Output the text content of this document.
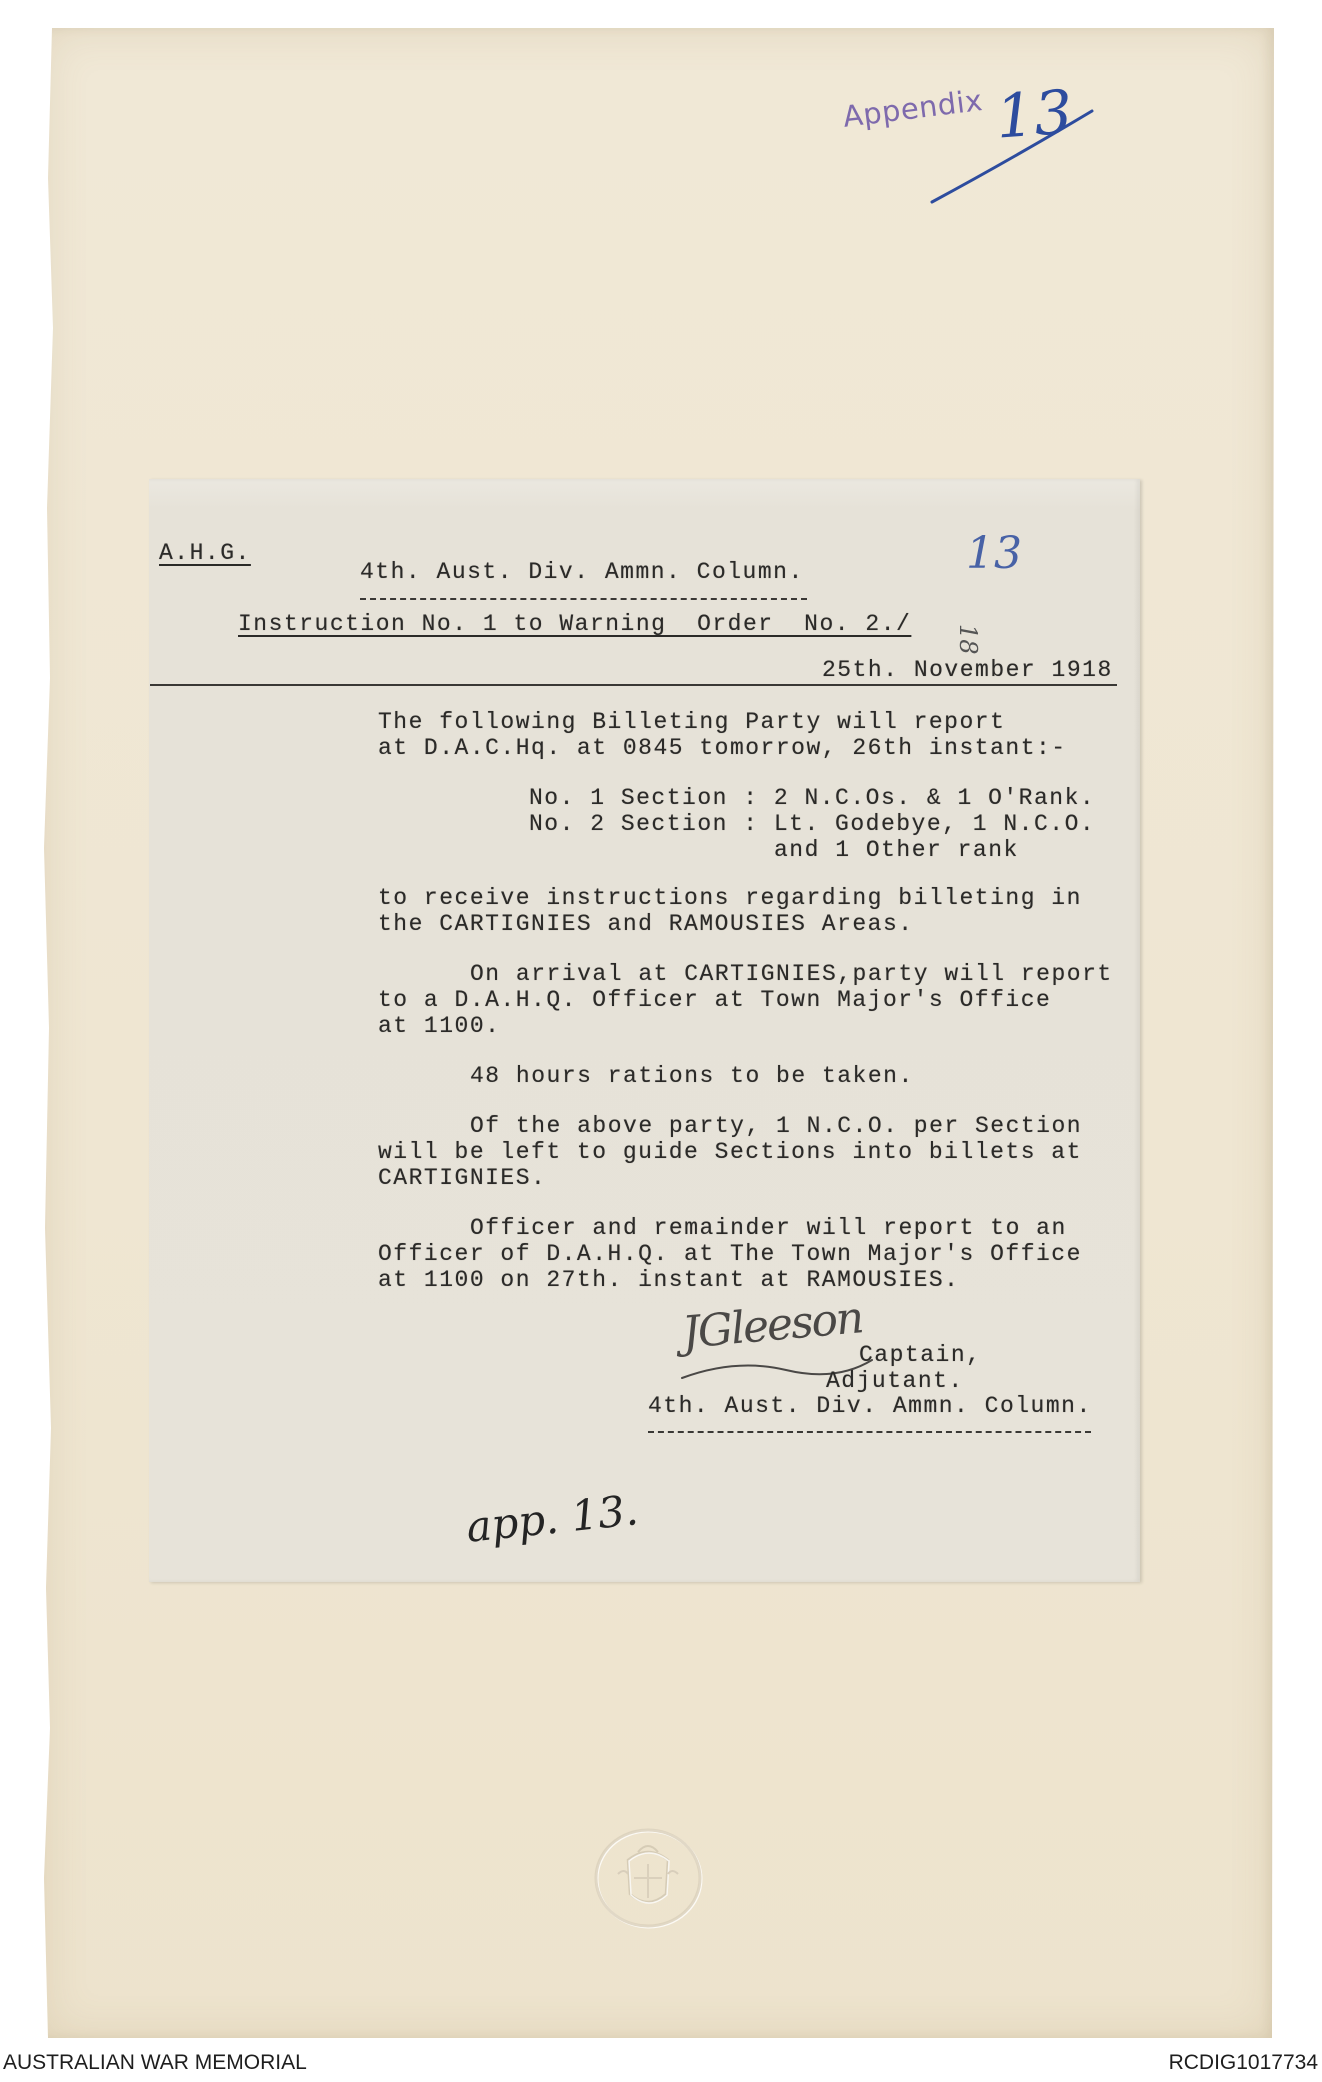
Appendix 13
A.H.G.
4th. Aust. Div. Ammn. Column.
Instruction No. 1 to Warning  Order  No. 2./
13
18
25th. November 1918
The following Billeting Party will report
at D.A.C.Hq. at 0845 tomorrow, 26th instant:-
No. 1 Section : 2 N.C.Os. & 1 O'Rank.
No. 2 Section : Lt. Godebye, 1 N.C.O.
and 1 Other rank
to receive instructions regarding billeting in
the CARTIGNIES and RAMOUSIES Areas.
On arrival at CARTIGNIES,party will report
to a D.A.H.Q. Officer at Town Major's Office
at 1100.
48 hours rations to be taken.
Of the above party, 1 N.C.O. per Section
will be left to guide Sections into billets at
CARTIGNIES.
Officer and remainder will report to an
Officer of D.A.H.Q. at The Town Major's Office
at 1100 on 27th. instant at RAMOUSIES.
JGleeson
Captain,
Adjutant.
4th. Aust. Div. Ammn. Column.
app. 13.
AUSTRALIAN WAR MEMORIAL	RCDIG1017734
